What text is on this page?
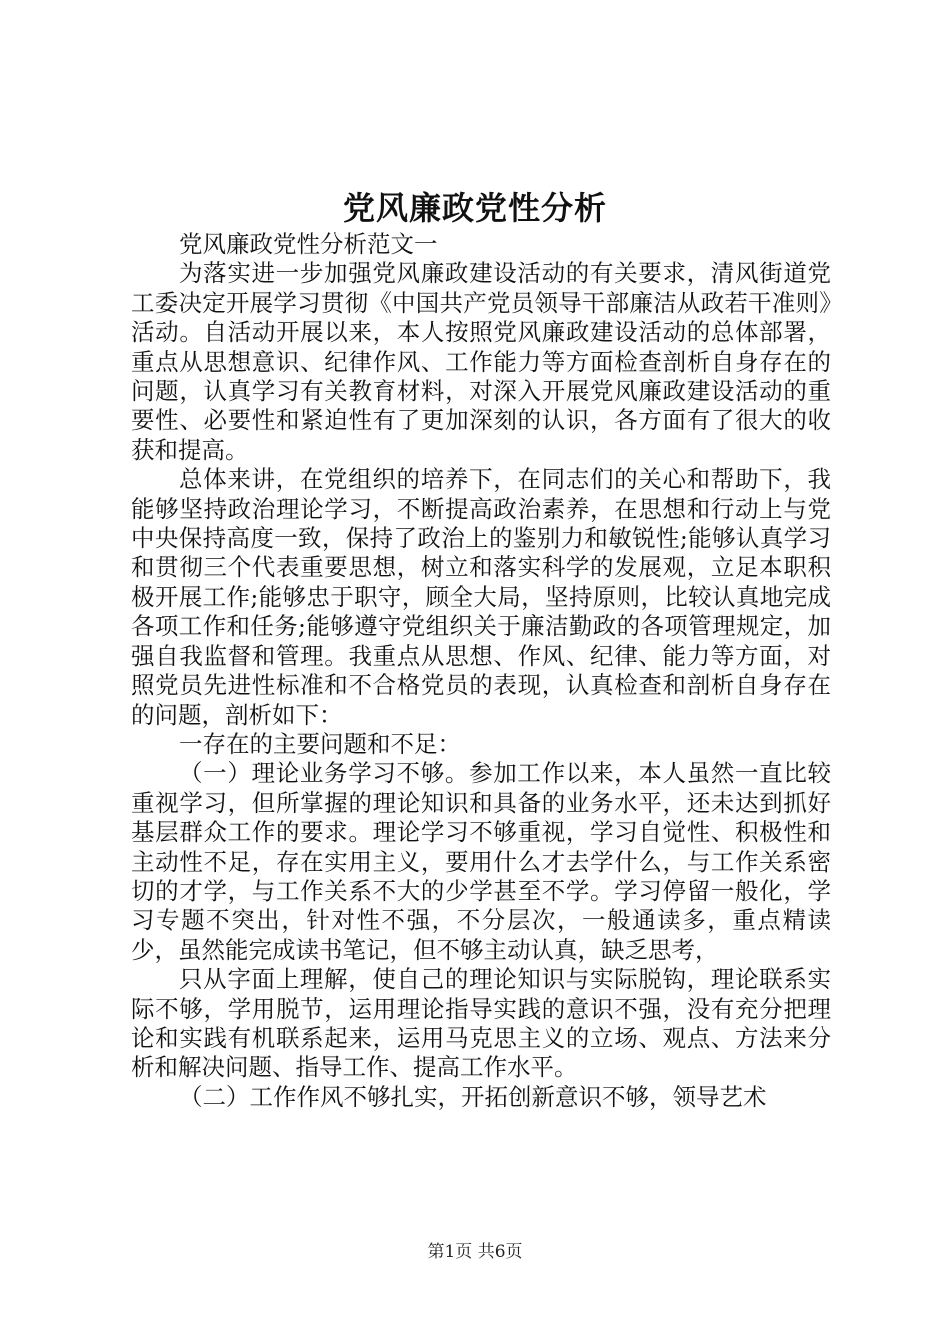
党风廉政党性分析

党风廉政党性分析范文一

为落实进一步加强党风廉政建设活动的有关要求，清风街道党工委决定开展学习贯彻《中国共产党员领导干部廉洁从政若干准则》活动。自活动开展以来，本人按照党风廉政建设活动的总体部署，重点从思想意识、纪律作风、工作能力等方面检查剖析自身存在的问题，认真学习有关教育材料，对深入开展党风廉政建设活动的重要性、必要性和紧迫性有了更加深刻的认识，各方面有了很大的收获和提高。

总体来讲，在党组织的培养下，在同志们的关心和帮助下，我能够坚持政治理论学习，不断提高政治素养，在思想和行动上与党中央保持高度一致，保持了政治上的鉴别力和敏锐性;能够认真学习和贯彻三个代表重要思想，树立和落实科学的发展观，立足本职积极开展工作;能够忠于职守，顾全大局，坚持原则，比较认真地完成各项工作和任务;能够遵守党组织关于廉洁勤政的各项管理规定，加强自我监督和管理。我重点从思想、作风、纪律、能力等方面，对照党员先进性标准和不合格党员的表现，认真检查和剖析自身存在的问题，剖析如下：

一存在的主要问题和不足：

（一）理论业务学习不够。参加工作以来，本人虽然一直比较重视学习，但所掌握的理论知识和具备的业务水平，还未达到抓好基层群众工作的要求。理论学习不够重视，学习自觉性、积极性和主动性不足，存在实用主义，要用什么才去学什么，与工作关系密切的才学，与工作关系不大的少学甚至不学。学习停留一般化，学习专题不突出，针对性不强，不分层次，一般通读多，重点精读少，虽然能完成读书笔记，但不够主动认真，缺乏思考，

只从字面上理解，使自己的理论知识与实际脱钩，理论联系实际不够，学用脱节，运用理论指导实践的意识不强，没有充分把理论和实践有机联系起来，运用马克思主义的立场、观点、方法来分析和解决问题、指导工作、提高工作水平。

（二）工作作风不够扎实，开拓创新意识不够，领导艺术

第1页 共6页
